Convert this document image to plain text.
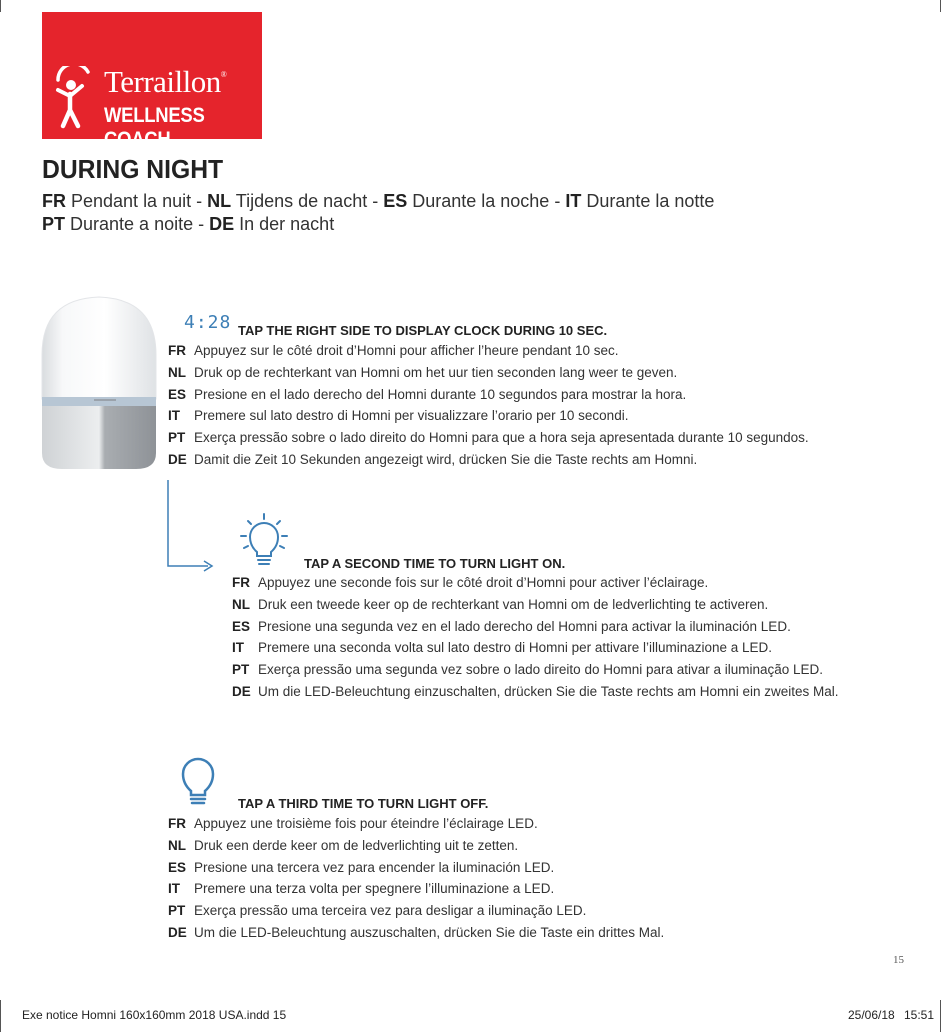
Terraillon®
WELLNESS COACH
DURING NIGHT
FR Pendant la nuit - NL Tijdens de nacht - ES Durante la noche - IT Durante la notte
PT Durante a noite - DE In der nacht
4:28 TAP THE RIGHT SIDE TO DISPLAY CLOCK DURING 10 SEC.
FR Appuyez sur le côté droit d’Homni pour afficher l’heure pendant 10 sec.
NL Druk op de rechterkant van Homni om het uur tien seconden lang weer te geven.
ES Presione en el lado derecho del Homni durante 10 segundos para mostrar la hora.
IT Premere sul lato destro di Homni per visualizzare l’orario per 10 secondi.
PT Exerça pressão sobre o lado direito do Homni para que a hora seja apresentada durante 10 segundos.
DE Damit die Zeit 10 Sekunden angezeigt wird, drücken Sie die Taste rechts am Homni.
TAP A SECOND TIME TO TURN LIGHT ON.
FR Appuyez une seconde fois sur le côté droit d’Homni pour activer l’éclairage.
NL Druk een tweede keer op de rechterkant van Homni om de ledverlichting te activeren.
ES Presione una segunda vez en el lado derecho del Homni para activar la iluminación LED.
IT Premere una seconda volta sul lato destro di Homni per attivare l’illuminazione a LED.
PT Exerça pressão uma segunda vez sobre o lado direito do Homni para ativar a iluminação LED.
DE Um die LED-Beleuchtung einzuschalten, drücken Sie die Taste rechts am Homni ein zweites Mal.
TAP A THIRD TIME TO TURN LIGHT OFF.
FR Appuyez une troisième fois pour éteindre l’éclairage LED.
NL Druk een derde keer om de ledverlichting uit te zetten.
ES Presione una tercera vez para encender la iluminación LED.
IT Premere una terza volta per spegnere l’illuminazione a LED.
PT Exerça pressão uma terceira vez para desligar a iluminação LED.
DE Um die LED-Beleuchtung auszuschalten, drücken Sie die Taste ein drittes Mal.
15
Exe notice Homni 160x160mm 2018 USA.indd 15	25/06/18 15:51
